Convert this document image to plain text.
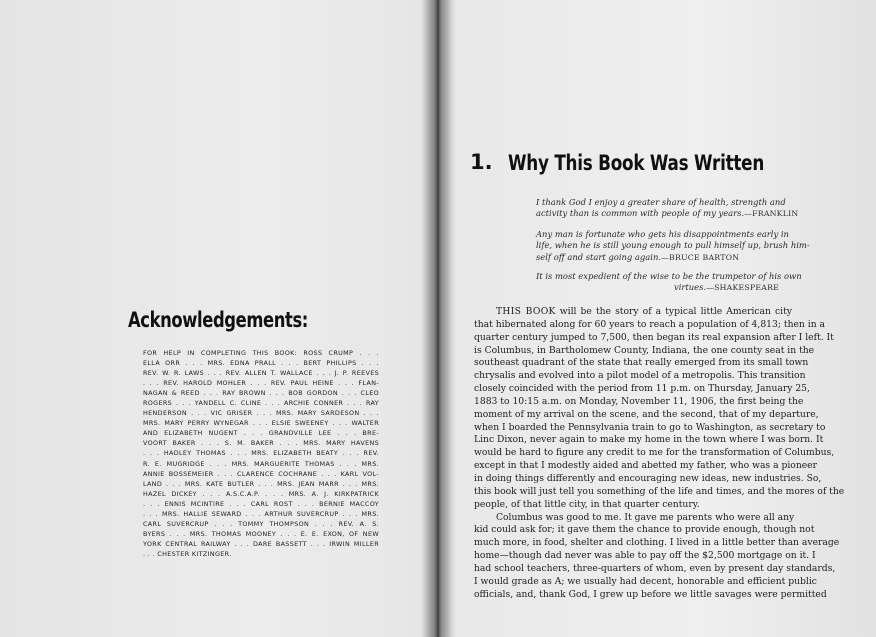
Acknowledgements:
FOR HELP IN COMPLETING THIS BOOK: ROSS CRUMP . . .
ELLA ORR . . . MRS. EDNA PRALL . . . BERT PHILLIPS . . .
REV. W. R. LAWS . . . REV. ALLEN T. WALLACE . . . J. P. REEVES
. . . REV. HAROLD MOHLER . . . REV. PAUL HEINE . . . FLAN-
NAGAN & REED . . . RAY BROWN . . . BOB GORDON . . . CLEO
ROGERS . . . YANDELL C. CLINE . . . ARCHIE CONNER . . . RAY
HENDERSON . . . VIC GRISER . . . MRS. MARY SARDESON . . .
MRS. MARY PERRY WYNEGAR . . . ELSIE SWEENEY . . . WALTER
AND ELIZABETH NUGENT . . . GRANDVILLE LEE . . . BRE-
VOORT BAKER . . . S. M. BAKER . . . MRS. MARY HAVENS
. . . HADLEY THOMAS . . . MRS. ELIZABETH BEATY . . . REV.
R. E. MUGRIDGE . . . MRS. MARGUERITE THOMAS . . . MRS.
ANNIE BOSSEMEIER . . . CLARENCE COCHRANE . . . KARL VOL-
LAND . . . MRS. KATE BUTLER . . . MRS. JEAN MARR . . . MRS.
HAZEL DICKEY . . . A.S.C.A.P. . . . MRS. A. J. KIRKPATRICK
. . . ENNIS MCINTIRE . . . CARL ROST . . . BERNIE MACCOY
. . . MRS. HALLIE SEWARD . . . ARTHUR SUVERCRUP . . . MRS.
CARL SUVERCRUP . . . TOMMY THOMPSON . . . REV. A. S.
BYERS . . . MRS. THOMAS MOONEY . . . E. E. EXON, OF NEW
YORK CENTRAL RAILWAY . . . DARE BASSETT . . . IRWIN MILLER
. . . CHESTER KITZINGER.
1. Why This Book Was Written
I thank God I enjoy a greater share of health, strength and
activity than is common with people of my years.—FRANKLIN
Any man is fortunate who gets his disappointments early in
life, when he is still young enough to pull himself up, brush him-
self off and start going again.—BRUCE BARTON
It is most expedient of the wise to be the trumpetor of his own
virtues.—SHAKESPEARE
THIS BOOK will be the story of a typical little American city
that hibernated along for 60 years to reach a population of 4,813; then in a
quarter century jumped to 7,500, then began its real expansion after I left. It
is Columbus, in Bartholomew County, Indiana, the one county seat in the
southeast quadrant of the state that really emerged from its small town
chrysalis and evolved into a pilot model of a metropolis. This transition
closely coincided with the period from 11 p.m. on Thursday, January 25,
1883 to 10:15 a.m. on Monday, November 11, 1906, the first being the
moment of my arrival on the scene, and the second, that of my departure,
when I boarded the Pennsylvania train to go to Washington, as secretary to
Linc Dixon, never again to make my home in the town where I was born. It
would be hard to figure any credit to me for the transformation of Columbus,
except in that I modestly aided and abetted my father, who was a pioneer
in doing things differently and encouraging new ideas, new industries. So,
this book will just tell you something of the life and times, and the mores of the
people, of that little city, in that quarter century.
Columbus was good to me. It gave me parents who were all any
kid could ask for; it gave them the chance to provide enough, though not
much more, in food, shelter and clothing. I lived in a little better than average
home—though dad never was able to pay off the $2,500 mortgage on it. I
had school teachers, three-quarters of whom, even by present day standards,
I would grade as A; we usually had decent, honorable and efficient public
officials, and, thank God, I grew up before we little savages were permitted
